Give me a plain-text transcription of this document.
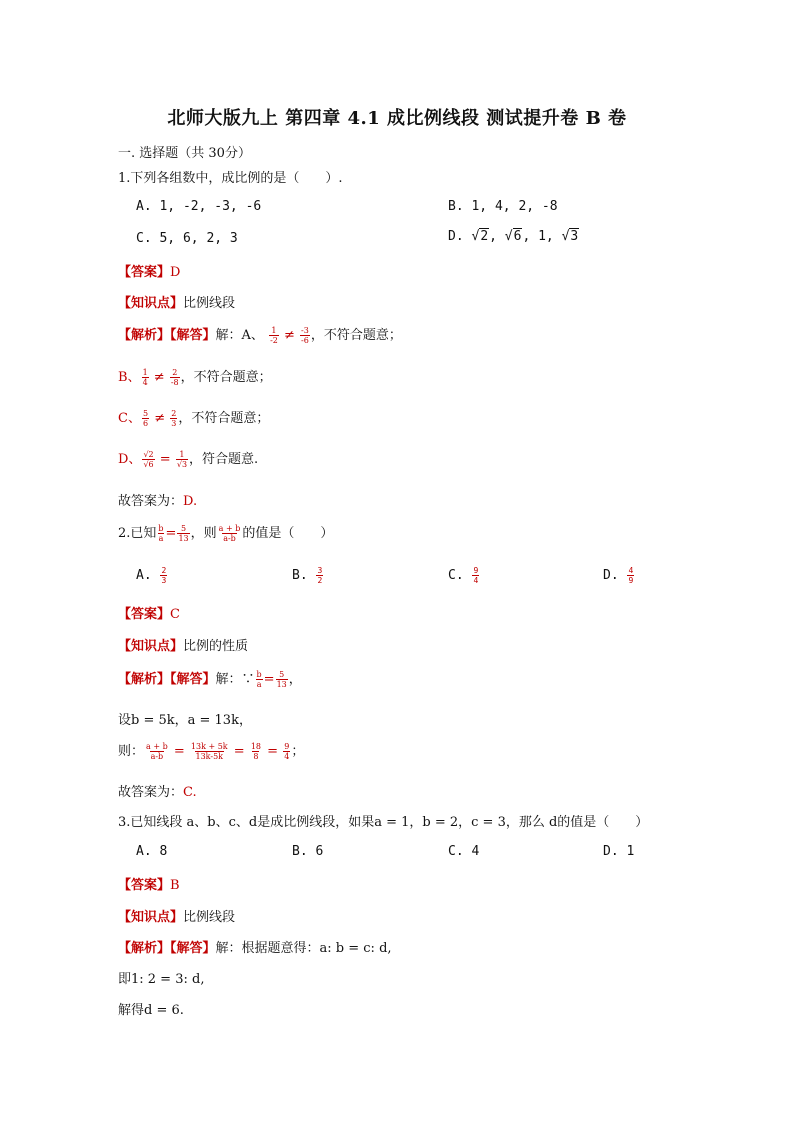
北师大版九上 第四章 4.1 成比例线段 测试提升卷 B 卷
一. 选择题（共 30分）
1.下列各组数中，成比例的是（　　）.
A. 1, -2, -3, -6	B. 1, 4, 2, -8
C. 5, 6, 2, 3	D. √2, √6, 1, √3
【答案】D
【知识点】比例线段
【解析】【解答】解：A、 $\frac{1}{-2} \ne \frac{-3}{-6}$ ，不符合题意；
B、 $\frac{1}{4} \ne \frac{2}{-8}$ ，不符合题意；
C、 $\frac{5}{6} \ne \frac{2}{3}$ ，不符合题意；
D、 $\frac{√2}{√6} = \frac{1}{√3}$ ，符合题意.
故答案为：D.
2.已知 $\frac{b}{a} = \frac{5}{13}$ ，则 $\frac{a + b}{a-b}$ 的值是（　　）
A. $\frac{2}{3}$	B. $\frac{3}{2}$	C. $\frac{9}{4}$	D. $\frac{4}{9}$
【答案】C
【知识点】比例的性质
【解析】【解答】解：∵ $\frac{b}{a} = \frac{5}{13}$ ，
设b = 5k，a = 13k，
则： $\frac{a + b}{a-b} = \frac{13k + 5k}{13k-5k} = \frac{18}{8} = \frac{9}{4}$ ；
故答案为：C.
3.已知线段 a、b、c、d是成比例线段，如果a = 1，b = 2，c = 3，那么 d的值是（　　）
A. 8	B. 6	C. 4	D. 1
【答案】B
【知识点】比例线段
【解析】【解答】解：根据题意得：a: b = c: d,
即1: 2 = 3: d,
解得d = 6.
